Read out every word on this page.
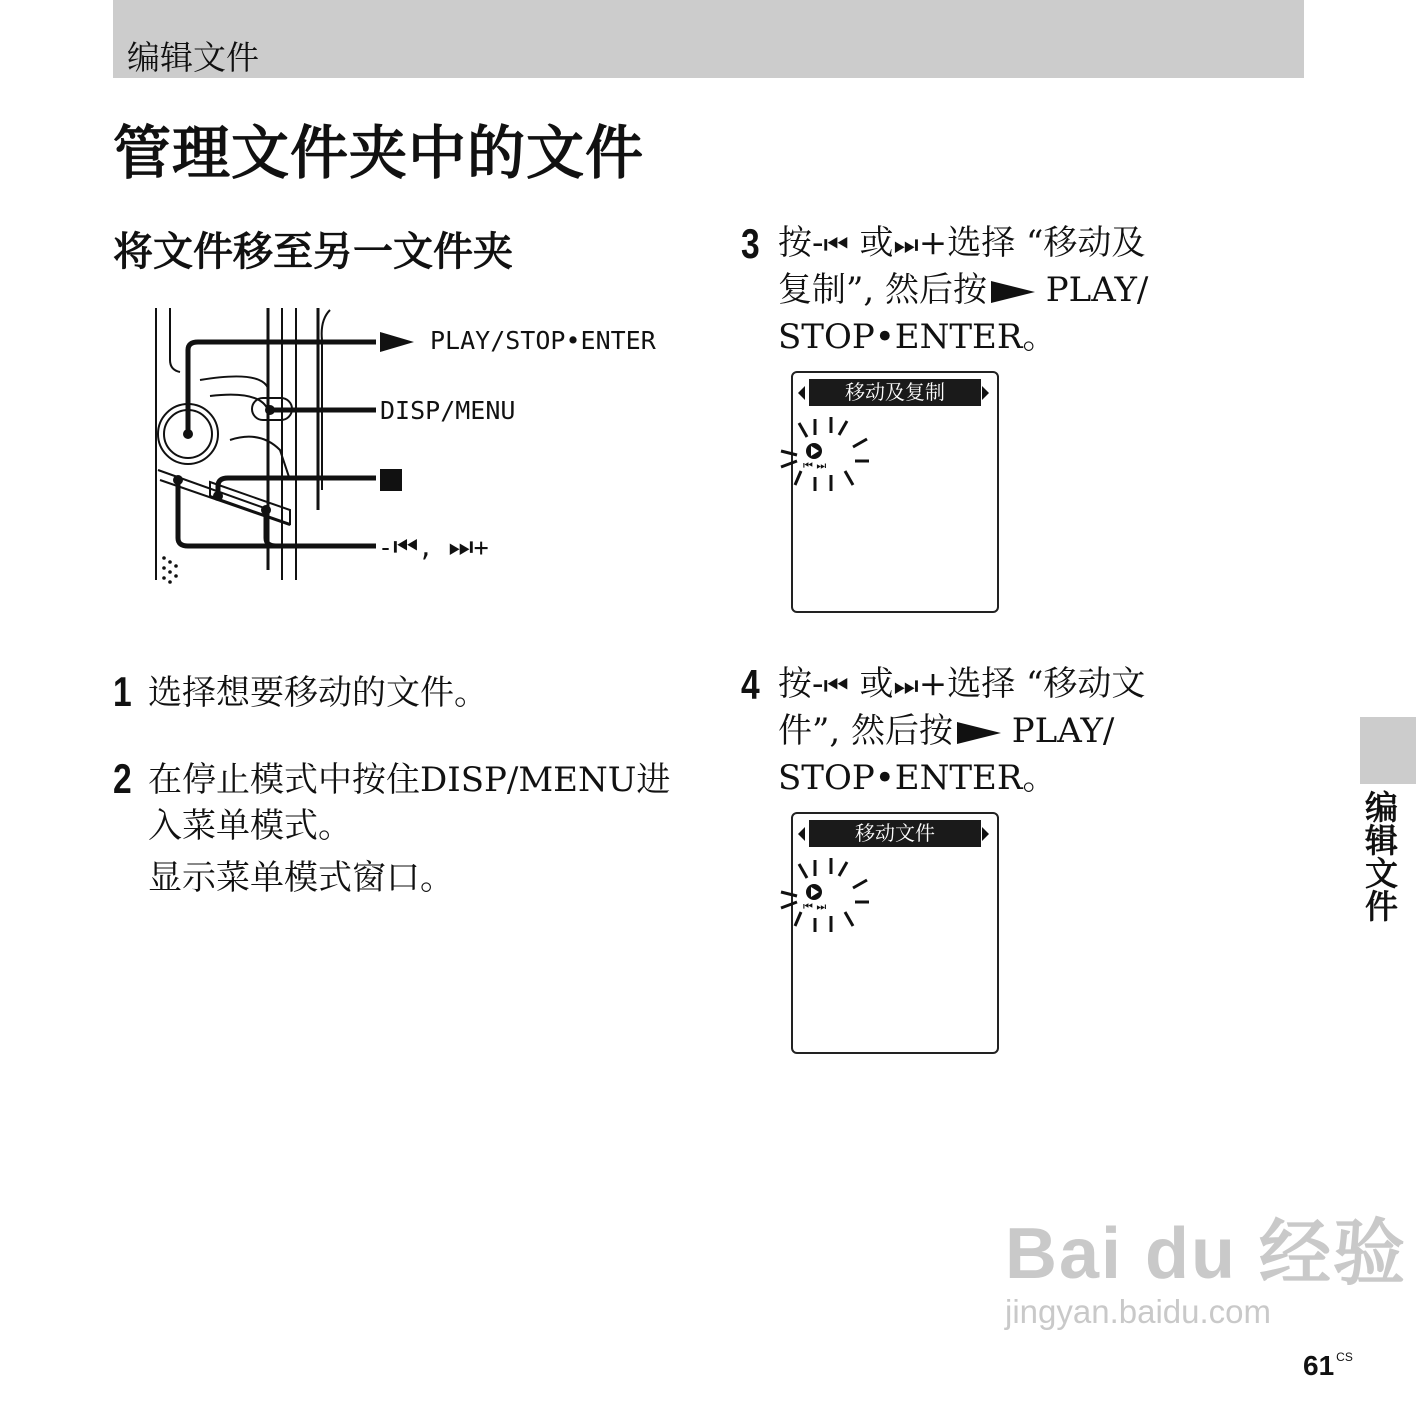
编辑文件
管理文件夹中的文件
将文件移至另一文件夹
PLAY/STOP•ENTER
DISP/MENU
-⏮, ⏭+
1 选择想要移动的文件。
2 在停止模式中按住DISP/MENU进
入菜单模式。
显示菜单模式窗口。
3 按-⏮ 或⏭+选择 “移动及
复制”, 然后按 PLAY/
STOP•ENTER。
移动及复制
⏮ ⏭
4 按-⏮ 或⏭+选择 “移动文
件”, 然后按 PLAY/
STOP•ENTER。
移动文件
⏮ ⏭	编辑文件
Bai du 经验
jingyan.baidu.com
61 $^{CS}$
